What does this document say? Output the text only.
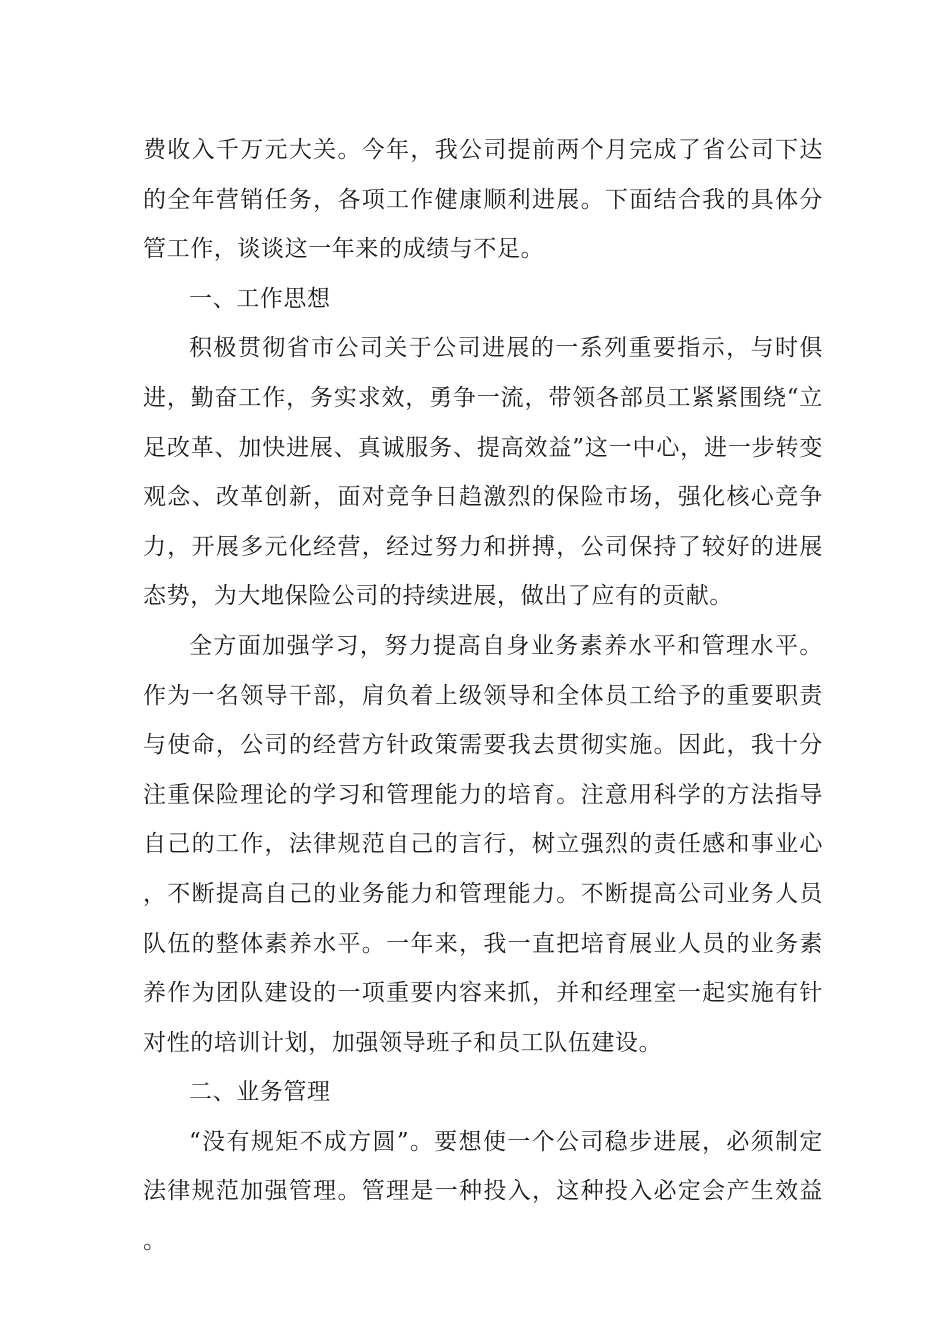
费收入千万元大关。今年，我公司提前两个月完成了省公司下达的全年营销任务，各项工作健康顺利进展。下面结合我的具体分管工作，谈谈这一年来的成绩与不足。

一、工作思想

积极贯彻省市公司关于公司进展的一系列重要指示，与时俱进，勤奋工作，务实求效，勇争一流，带领各部员工紧紧围绕“立足改革、加快进展、真诚服务、提高效益”这一中心，进一步转变观念、改革创新，面对竞争日趋激烈的保险市场，强化核心竞争力，开展多元化经营，经过努力和拼搏，公司保持了较好的进展态势，为大地保险公司的持续进展，做出了应有的贡献。

全方面加强学习，努力提高自身业务素养水平和管理水平。作为一名领导干部，肩负着上级领导和全体员工给予的重要职责与使命，公司的经营方针政策需要我去贯彻实施。因此，我十分注重保险理论的学习和管理能力的培育。注意用科学的方法指导自己的工作，法律规范自己的言行，树立强烈的责任感和事业心，不断提高自己的业务能力和管理能力。不断提高公司业务人员队伍的整体素养水平。一年来，我一直把培育展业人员的业务素养作为团队建设的一项重要内容来抓，并和经理室一起实施有针对性的培训计划，加强领导班子和员工队伍建设。

二、业务管理

“没有规矩不成方圆”。要想使一个公司稳步进展，必须制定法律规范加强管理。管理是一种投入，这种投入必定会产生效益。
